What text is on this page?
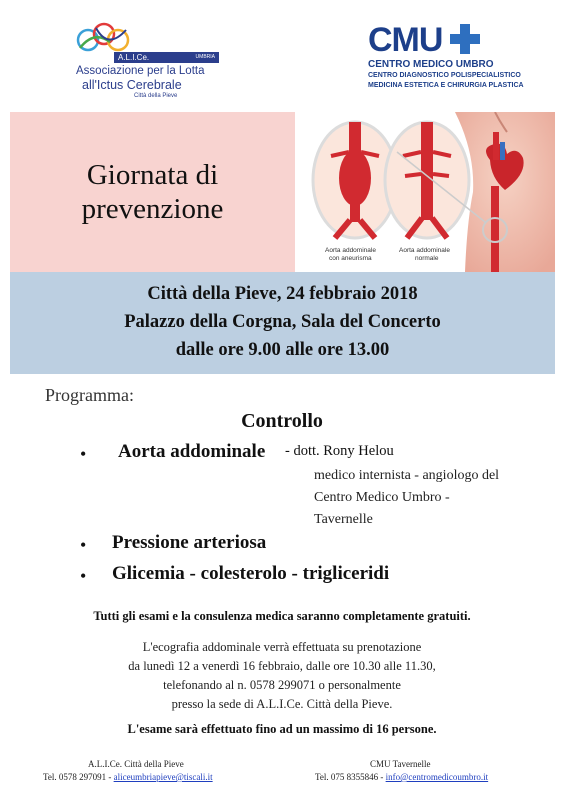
A.L.I.Ce.	UMBRIA
Associazione per la Lotta
all'Ictus Cerebrale
Città della Pieve
CMU
CENTRO MEDICO UMBRO
CENTRO DIAGNOSTICO POLISPECIALISTICO
MEDICINA ESTETICA E CHIRURGIA PLASTICA
Giornata di
prevenzione
Aorta addominale
con aneurisma
Aorta addominale
normale
Città della Pieve, 24 febbraio 2018
Palazzo della Corgna, Sala del Concerto
dalle ore 9.00 alle ore 13.00
Programma:
Controllo
• Aorta addominale - dott. Rony Helou
medico internista - angiologo del
Centro Medico Umbro -
Tavernelle
• Pressione arteriosa
• Glicemia - colesterolo - trigliceridi
Tutti gli esami e la consulenza medica saranno completamente gratuiti.
L'ecografia addominale verrà effettuata su prenotazione
da lunedì 12 a venerdì 16 febbraio, dalle ore 10.30 alle 11.30,
telefonando al n. 0578 299071 o personalmente
presso la sede di A.L.I.Ce. Città della Pieve.
L'esame sarà effettuato fino ad un massimo di 16 persone.
A.L.I.Ce. Città della Pieve
Tel. 0578 297091 - aliceumbriapieve@tiscali.it
CMU Tavernelle
Tel. 075 8355846 - info@centromedicoumbro.it
